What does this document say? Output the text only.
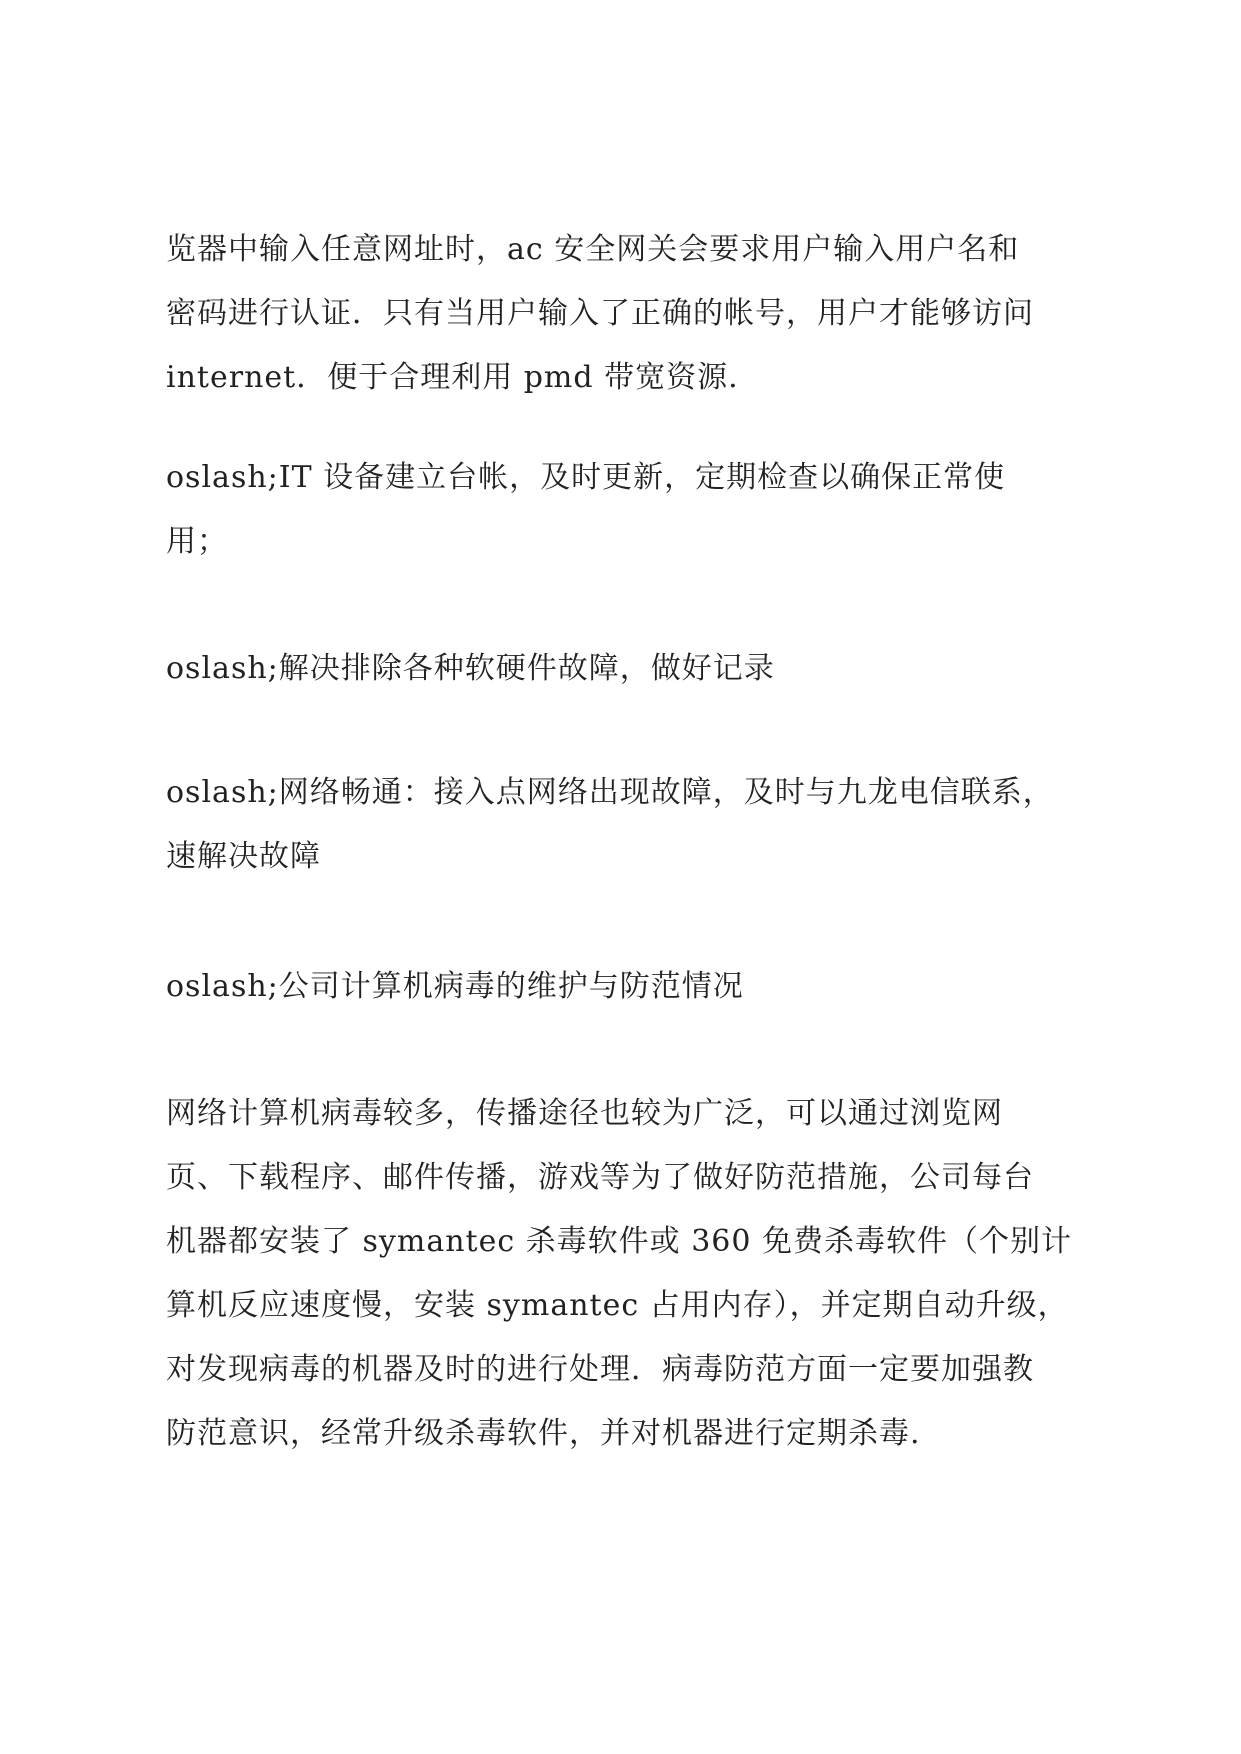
览器中输入任意网址时，ac 安全网关会要求用户输入用户名和
密码进行认证．只有当用户输入了正确的帐号，用户才能够访问
internet．便于合理利用 pmd 带宽资源.
oslash;IT 设备建立台帐，及时更新，定期检查以确保正常使
用；
oslash;解决排除各种软硬件故障，做好记录
oslash;网络畅通：接入点网络出现故障，及时与九龙电信联系，
速解决故障
oslash;公司计算机病毒的维护与防范情况
网络计算机病毒较多，传播途径也较为广泛，可以通过浏览网
页、下载程序、邮件传播，游戏等为了做好防范措施，公司每台
机器都安装了 symantec 杀毒软件或 360 免费杀毒软件（个别计
算机反应速度慢，安装 symantec 占用内存），并定期自动升级，
对发现病毒的机器及时的进行处理．病毒防范方面一定要加强教
防范意识，经常升级杀毒软件，并对机器进行定期杀毒.
